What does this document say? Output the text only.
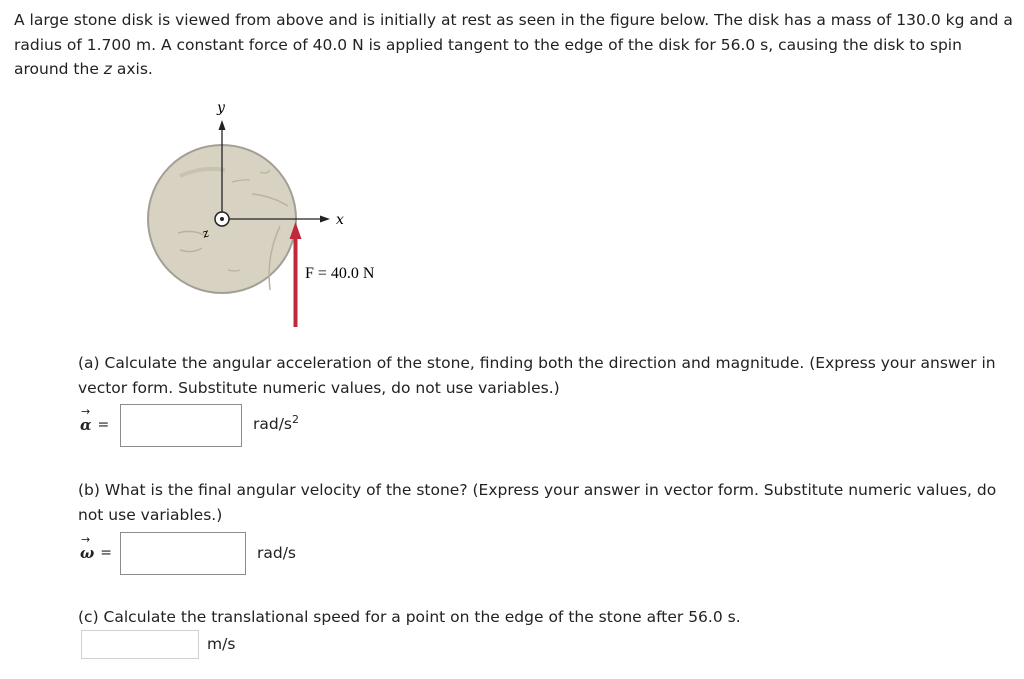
A large stone disk is viewed from above and is initially at rest as seen in the figure below. The disk has a mass of 130.0 kg and a radius of 1.700 m. A constant force of 40.0 N is applied tangent to the edge of the disk for 56.0 s, causing the disk to spin around the z axis.
y
x
z
F = 40.0 N
(a) Calculate the angular acceleration of the stone, finding both the direction and magnitude. (Express your answer in vector form. Substitute numeric values, do not use variables.)
→
α =	rad/$s^2$
(b) What is the final angular velocity of the stone? (Express your answer in vector form. Substitute numeric values, do not use variables.)
→
ω =	rad/s
(c) Calculate the translational speed for a point on the edge of the stone after 56.0 s.
m/s
